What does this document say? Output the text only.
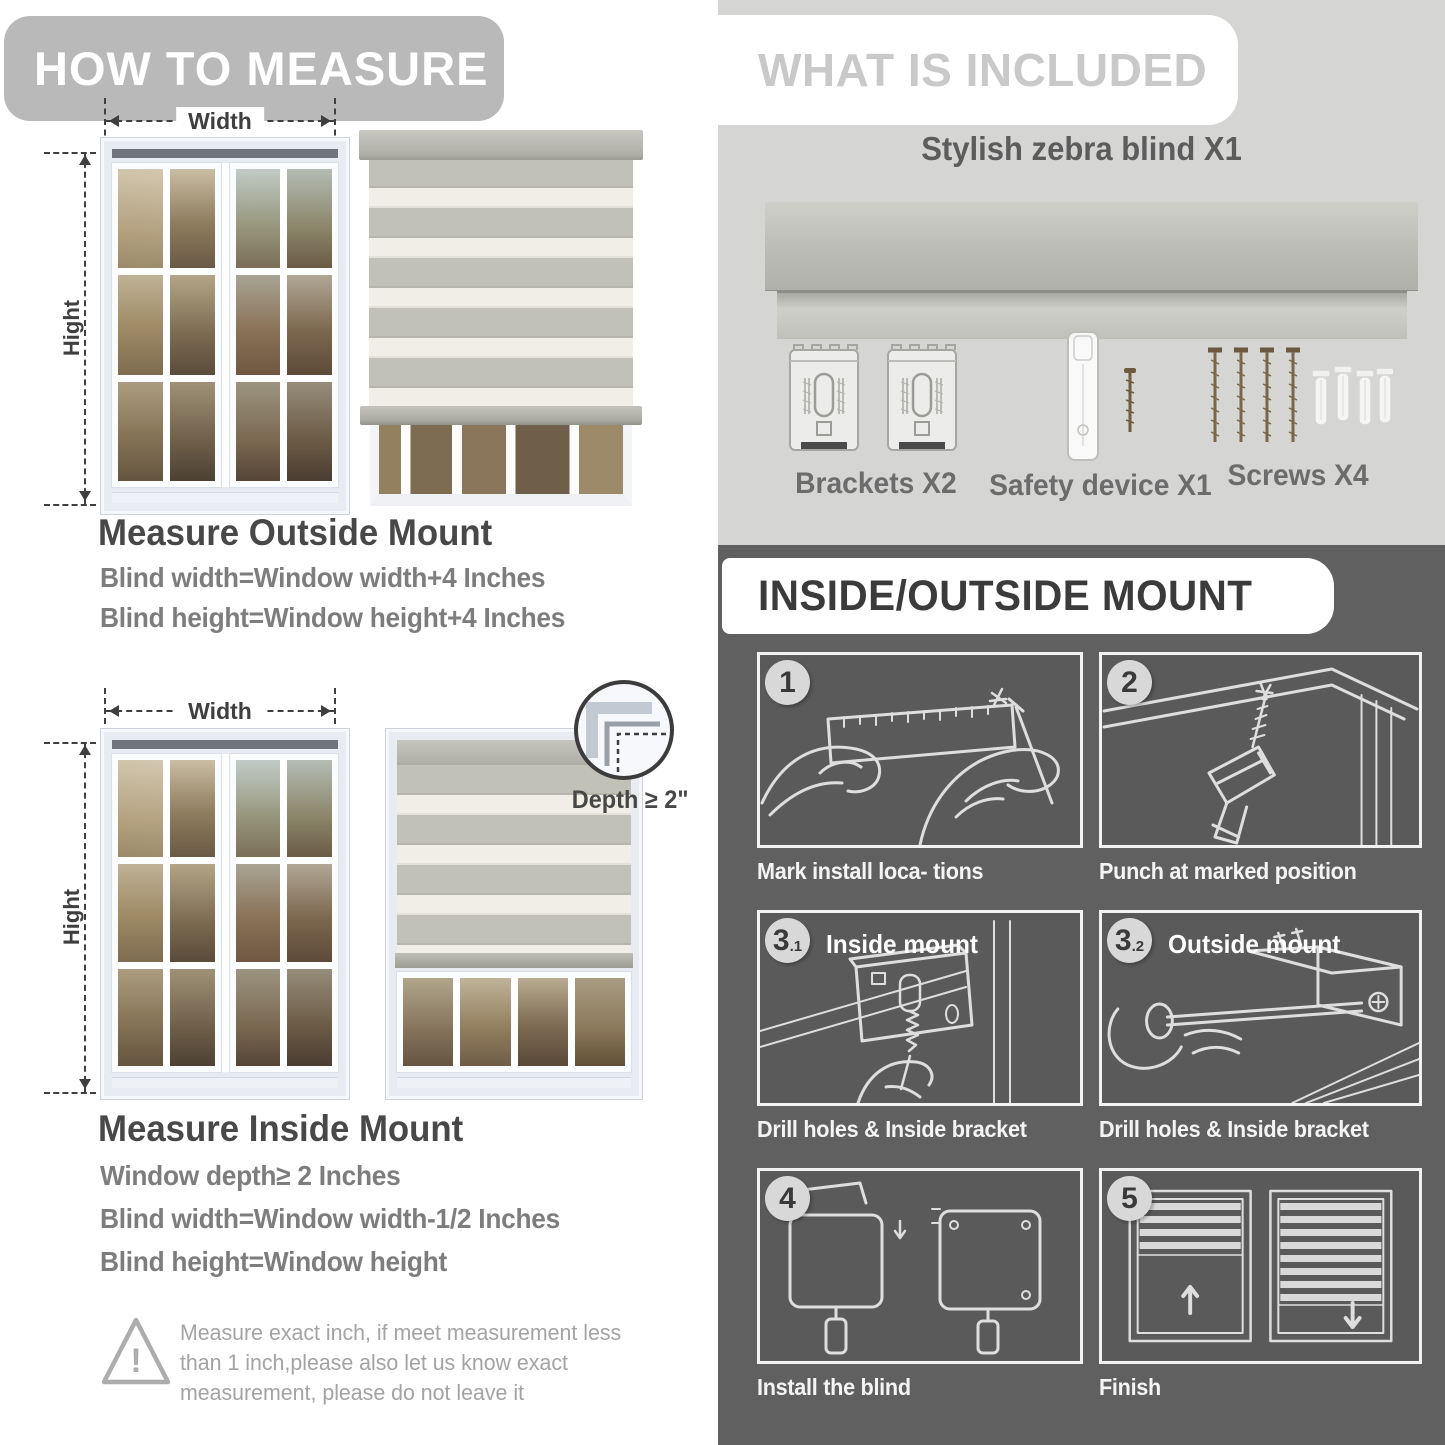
HOW TO MEASURE
Width
Hight
Measure Outside Mount
Blind width=Window width+4 Inches
Blind height=Window height+4 Inches
Width
Hight
Depth ≥ 2"
Measure Inside Mount
Window depth≥ 2 Inches
Blind width=Window width-1/2 Inches
Blind height=Window height
!
Measure exact inch, if meet measurement less
than 1 inch,please also let us know exact
measurement, please do not leave it
WHAT IS INCLUDED
Stylish zebra blind X1
Brackets X2	Safety device X1 Screws X4
INSIDE/OUTSIDE MOUNT
1
Mark install loca- tions
2
Punch at marked position
3 .1 Inside mount
Drill holes & Inside bracket
3 .2 Outside mount
Drill holes & Inside bracket
4
Install the blind
5
Finish
